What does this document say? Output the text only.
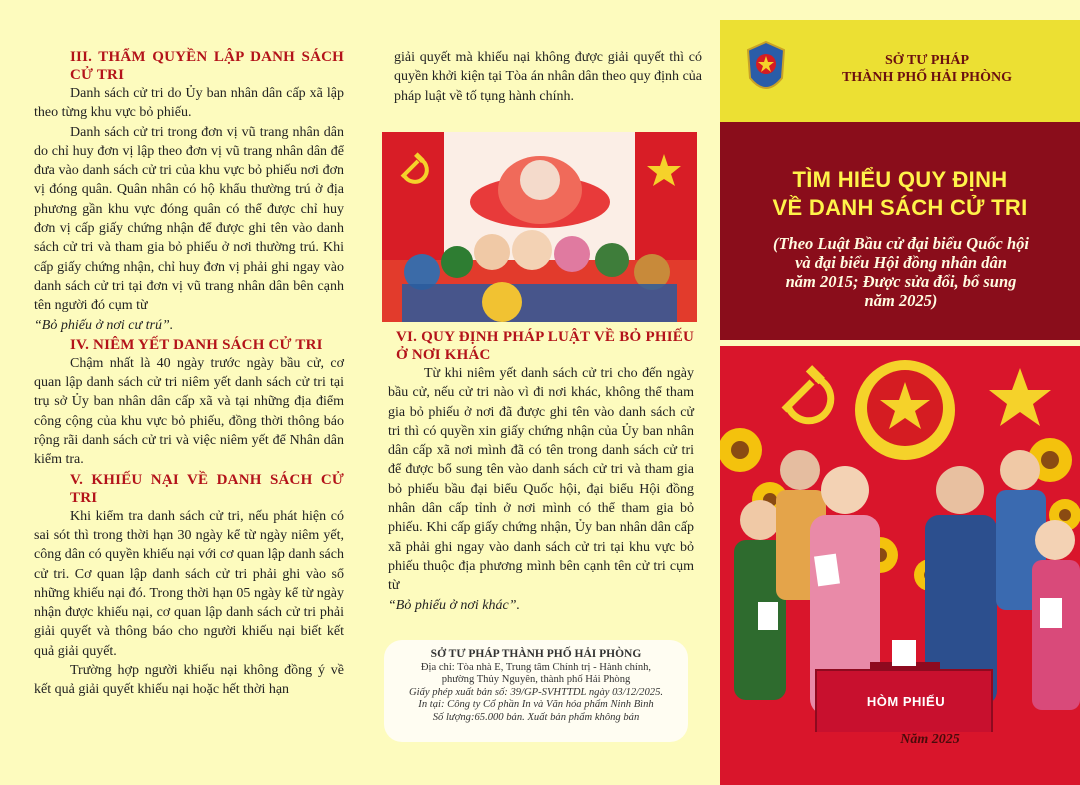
III. THẨM QUYỀN LẬP DANH SÁCH CỬ TRI

Danh sách cử tri do Ủy ban nhân dân cấp xã lập theo từng khu vực bỏ phiếu.

Danh sách cử tri trong đơn vị vũ trang nhân dân do chỉ huy đơn vị lập theo đơn vị vũ trang nhân dân để đưa vào danh sách cử tri của khu vực bỏ phiếu nơi đơn vị đóng quân. Quân nhân có hộ khẩu thường trú ở địa phương gần khu vực đóng quân có thể được chỉ huy đơn vị cấp giấy chứng nhận để được ghi tên vào danh sách cử tri và tham gia bỏ phiếu ở nơi thường trú. Khi cấp giấy chứng nhận, chỉ huy đơn vị phải ghi ngay vào danh sách cử tri tại đơn vị vũ trang nhân dân bên cạnh tên người đó cụm từ

“Bỏ phiếu ở nơi cư trú”.

IV. NIÊM YẾT DANH SÁCH CỬ TRI

Chậm nhất là 40 ngày trước ngày bầu cử, cơ quan lập danh sách cử tri niêm yết danh sách cử tri tại trụ sở Ủy ban nhân dân cấp xã và tại những địa điểm công cộng của khu vực bỏ phiếu, đồng thời thông báo rộng rãi danh sách cử tri và việc niêm yết để Nhân dân kiểm tra.

V. KHIẾU NẠI VỀ DANH SÁCH CỬ TRI

Khi kiểm tra danh sách cử tri, nếu phát hiện có sai sót thì trong thời hạn 30 ngày kể từ ngày niêm yết, công dân có quyền khiếu nại với cơ quan lập danh sách cử tri. Cơ quan lập danh sách cử tri phải ghi vào sổ những khiếu nại đó. Trong thời hạn 05 ngày kể từ ngày nhận được khiếu nại, cơ quan lập danh sách cử tri phải giải quyết và thông báo cho người khiếu nại biết kết quả giải quyết.

Trường hợp người khiếu nại không đồng ý về kết quả giải quyết khiếu nại hoặc hết thời hạn

giải quyết mà khiếu nại không được giải quyết thì có quyền khởi kiện tại Tòa án nhân dân theo quy định của pháp luật về tố tụng hành chính.

VI. QUY ĐỊNH PHÁP LUẬT VỀ BỎ PHIẾU Ở NƠI KHÁC

Từ khi niêm yết danh sách cử tri cho đến ngày bầu cử, nếu cử tri nào vì đi nơi khác, không thể tham gia bỏ phiếu ở nơi đã được ghi tên vào danh sách cử tri thì có quyền xin giấy chứng nhận của Ủy ban nhân dân cấp xã nơi mình đã có tên trong danh sách cử tri để được bổ sung tên vào danh sách cử tri và tham gia bỏ phiếu bầu đại biểu Quốc hội, đại biểu Hội đồng nhân dân cấp tỉnh ở nơi mình có thể tham gia bỏ phiếu. Khi cấp giấy chứng nhận, Ủy ban nhân dân cấp xã phải ghi ngay vào danh sách cử tri tại khu vực bỏ phiếu thuộc địa phương mình bên cạnh tên cử tri cụm từ

“Bỏ phiếu ở nơi khác”.

SỞ TƯ PHÁP THÀNH PHỐ HẢI PHÒNG
Địa chỉ: Tòa nhà E, Trung tâm Chính trị - Hành chính,
phường Thủy Nguyên, thành phố Hải Phòng
Giấy phép xuất bản số: 39/GP-SVHTTDL ngày 03/12/2025.
In tại: Công ty Cổ phần In và Văn hóa phẩm Ninh Bình
Số lượng:65.000 bản. Xuất bản phẩm không bán
SỞ TƯ PHÁP
THÀNH PHỐ HẢI PHÒNG
TÌM HIỂU QUY ĐỊNH
VỀ DANH SÁCH CỬ TRI
(Theo Luật Bầu cử đại biểu Quốc hội
và đại biểu Hội đồng nhân dân
năm 2015; Được sửa đổi, bổ sung
năm 2025)
HÒM PHIẾU
Năm 2025
